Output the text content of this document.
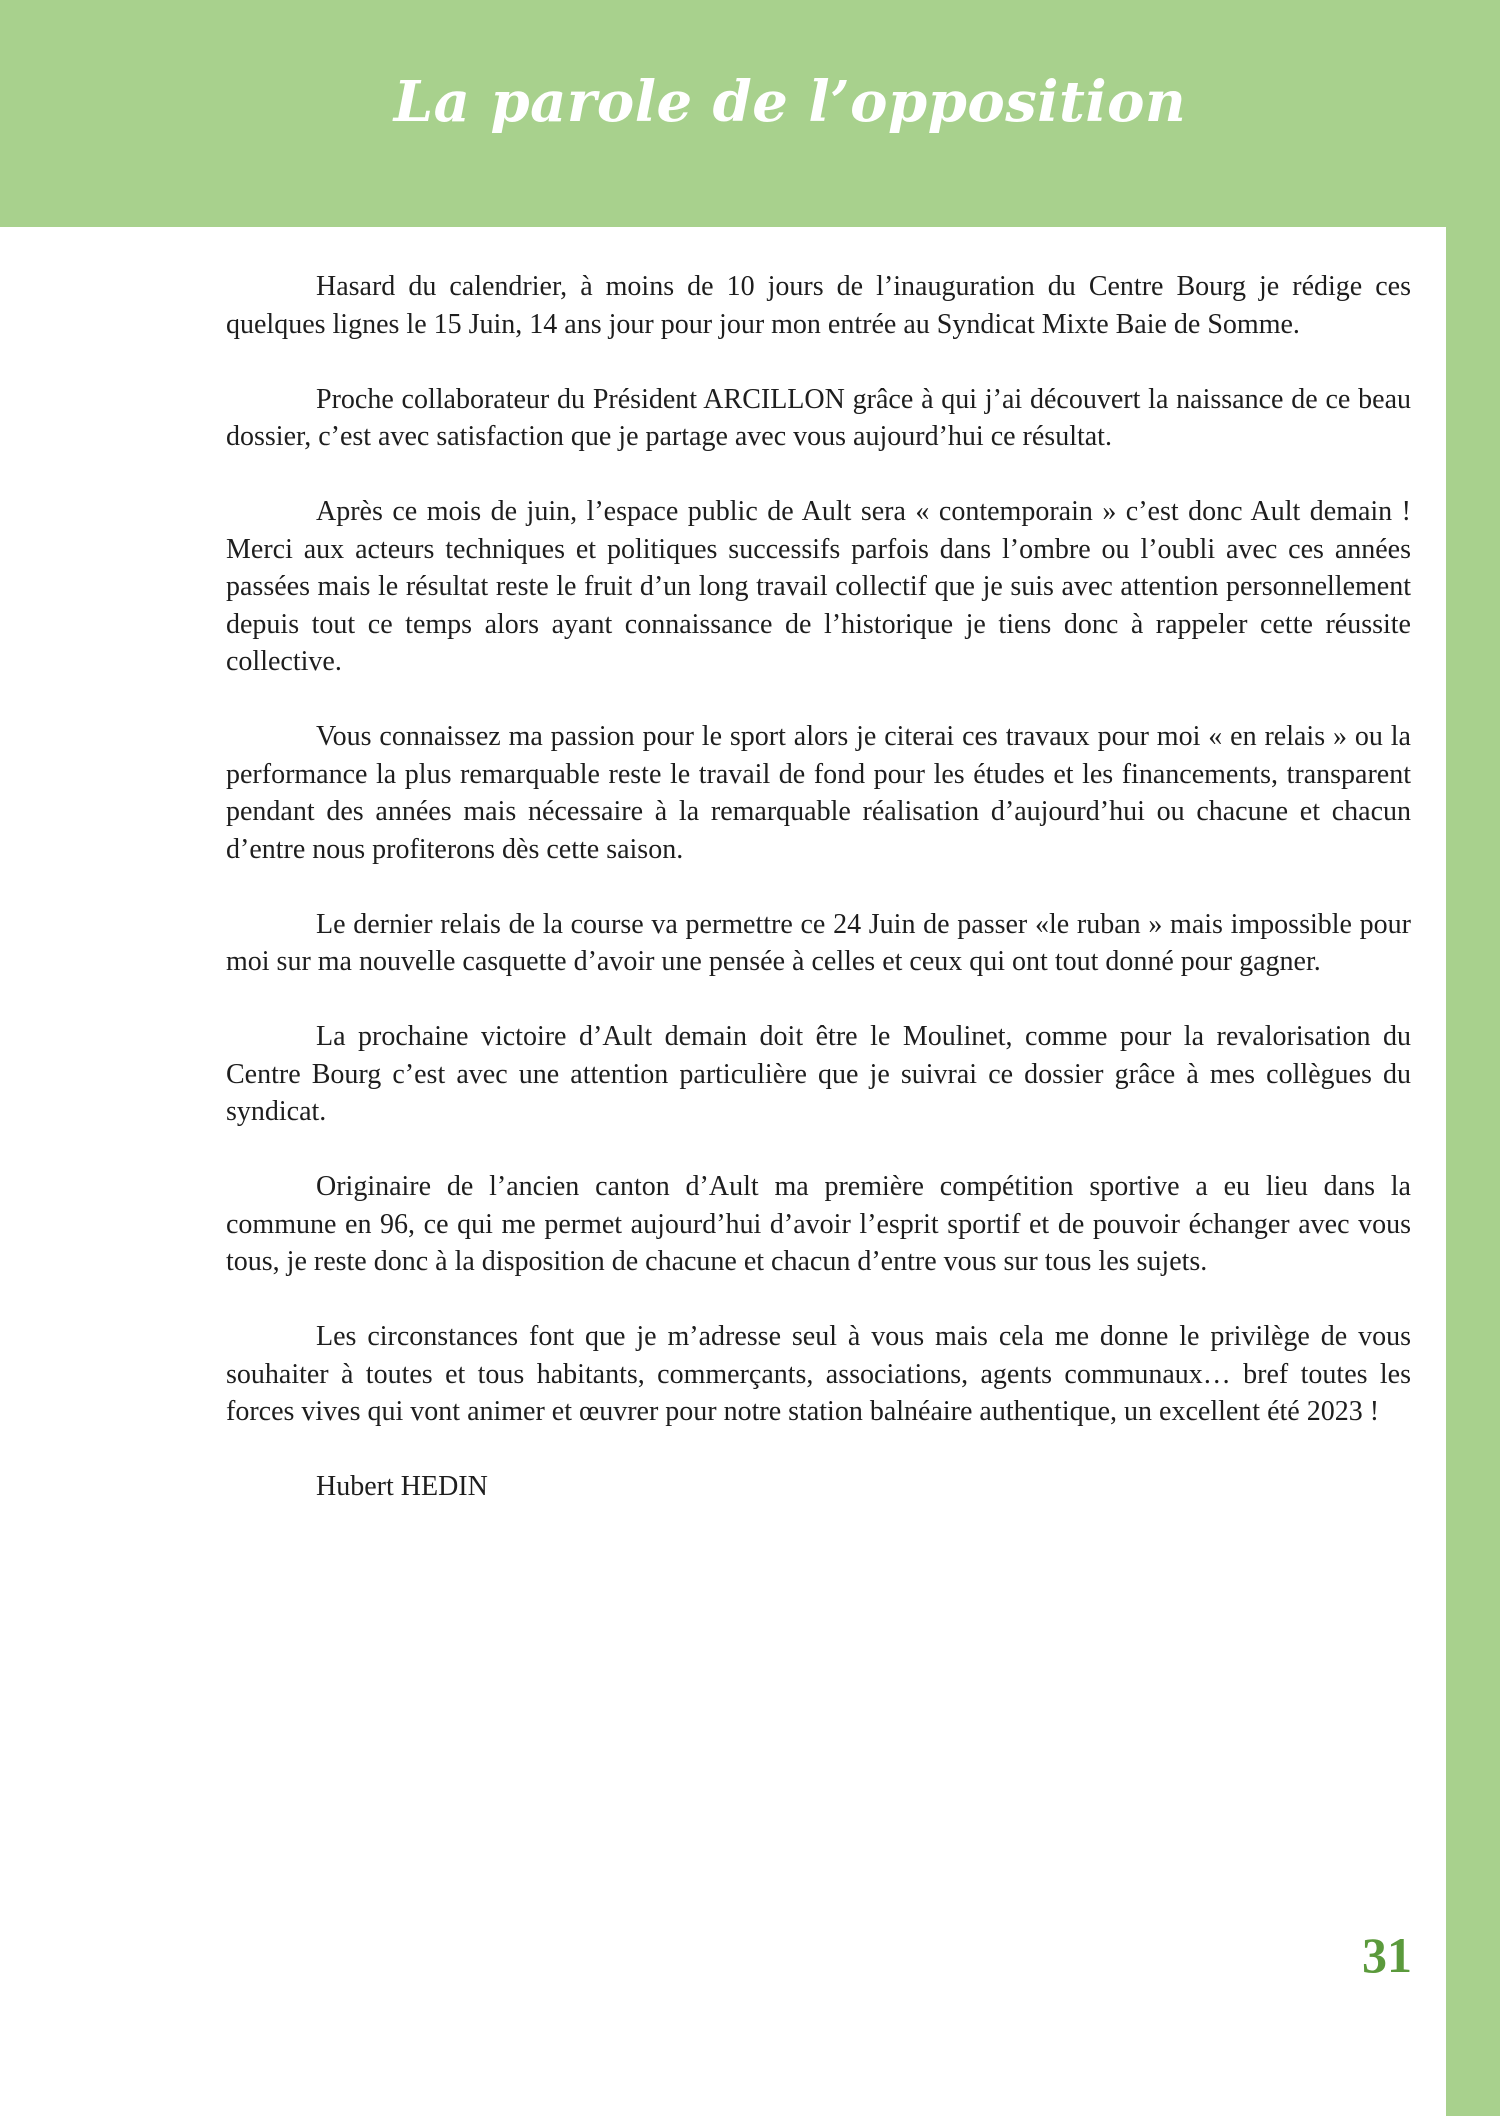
La parole de l’opposition

Hasard du calendrier, à moins de 10 jours de l’inauguration du Centre Bourg je rédige ces quelques lignes le 15 Juin, 14 ans jour pour jour mon entrée au Syndicat Mixte Baie de Somme.

Proche collaborateur du Président ARCILLON grâce à qui j’ai découvert la naissance de ce beau dossier, c’est avec satisfaction que je partage avec vous aujourd’hui ce résultat.

Après ce mois de juin, l’espace public de Ault sera « contemporain » c’est donc Ault demain ! Merci aux acteurs techniques et politiques successifs parfois dans l’ombre ou l’oubli avec ces années passées mais le résultat reste le fruit d’un long travail collectif que je suis avec attention personnellement depuis tout ce temps alors ayant connaissance de l’historique je tiens donc à rappeler cette réussite collective.

Vous connaissez ma passion pour le sport alors je citerai ces travaux pour moi « en relais » ou la performance la plus remarquable reste le travail de fond pour les études et les financements, transparent pendant des années mais nécessaire à la remarquable réalisation d’aujourd’hui ou chacune et chacun d’entre nous profiterons dès cette saison.

Le dernier relais de la course va permettre ce 24 Juin de passer «le ruban » mais impossible pour moi sur ma nouvelle casquette d’avoir une pensée à celles et ceux qui ont tout donné pour gagner.

La prochaine victoire d’Ault demain doit être le Moulinet, comme pour la revalorisation du Centre Bourg c’est avec une attention particulière que je suivrai ce dossier grâce à mes collègues du syndicat.

Originaire de l’ancien canton d’Ault ma première compétition sportive a eu lieu dans la commune en 96, ce qui me permet aujourd’hui d’avoir l’esprit sportif et de pouvoir échanger avec vous tous, je reste donc à la disposition de chacune et chacun d’entre vous sur tous les sujets.

Les circonstances font que je m’adresse seul à vous mais cela me donne le privilège de vous souhaiter à toutes et tous habitants, commerçants, associations, agents communaux… bref toutes les forces vives qui vont animer et œuvrer pour notre station balnéaire authentique, un excellent été 2023 !

Hubert HEDIN

31
